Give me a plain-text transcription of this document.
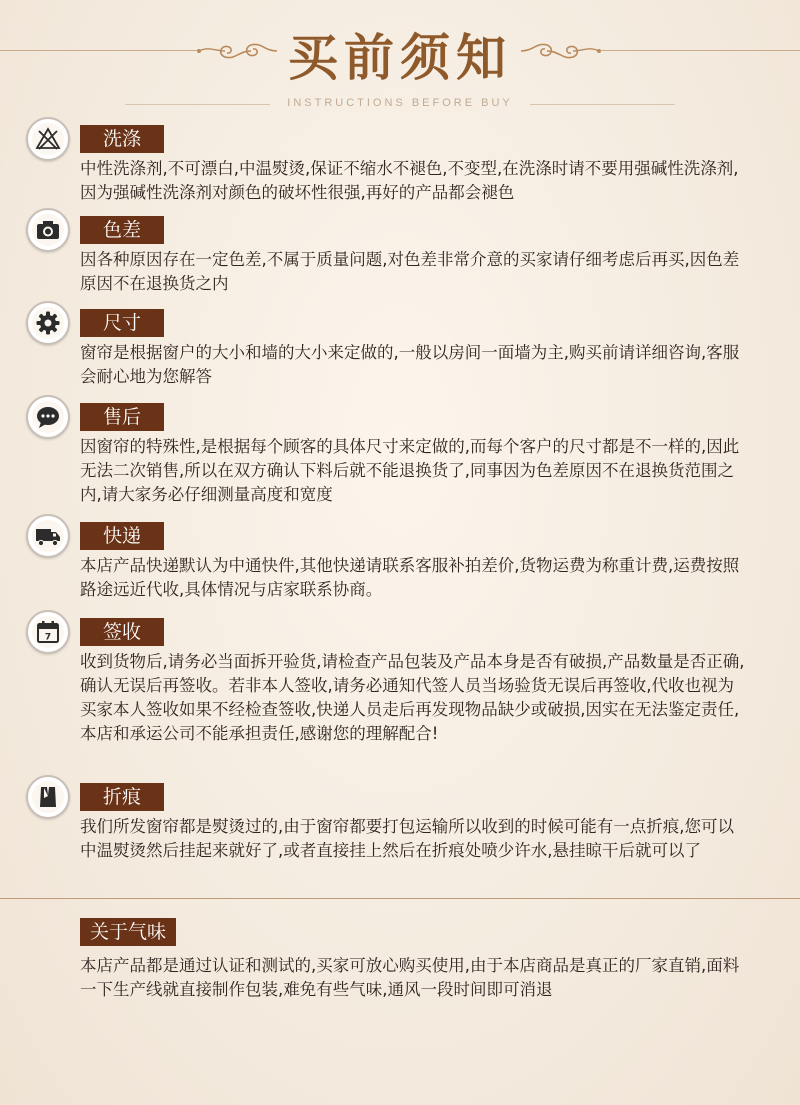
买前须知
INSTRUCTIONS BEFORE BUY
洗涤
中性洗涤剂,不可漂白,中温熨烫,保证不缩水不褪色,不变型,在洗涤时请不要用强碱性洗涤剂,因为强碱性洗涤剂对颜色的破坏性很强,再好的产品都会褪色
色差
因各种原因存在一定色差,不属于质量问题,对色差非常介意的买家请仔细考虑后再买,因色差原因不在退换货之内
尺寸
窗帘是根据窗户的大小和墙的大小来定做的,一般以房间一面墙为主,购买前请详细咨询,客服会耐心地为您解答
售后
因窗帘的特殊性,是根据每个顾客的具体尺寸来定做的,而每个客户的尺寸都是不一样的,因此无法二次销售,所以在双方确认下料后就不能退换货了,同事因为色差原因不在退换货范围之内,请大家务必仔细测量高度和宽度
快递
本店产品快递默认为中通快件,其他快递请联系客服补拍差价,货物运费为称重计费,运费按照路途远近代收,具体情况与店家联系协商。
7	签收
收到货物后,请务必当面拆开验货,请检查产品包装及产品本身是否有破损,产品数量是否正确,确认无误后再签收。若非本人签收,请务必通知代签人员当场验货无误后再签收,代收也视为买家本人签收如果不经检查签收,快递人员走后再发现物品缺少或破损,因实在无法鉴定责任,本店和承运公司不能承担责任,感谢您的理解配合!
折痕
我们所发窗帘都是熨烫过的,由于窗帘都要打包运输所以收到的时候可能有一点折痕,您可以中温熨烫然后挂起来就好了,或者直接挂上然后在折痕处喷少许水,悬挂晾干后就可以了
关于气味
本店产品都是通过认证和测试的,买家可放心购买使用,由于本店商品是真正的厂家直销,面料一下生产线就直接制作包装,难免有些气味,通风一段时间即可消退
